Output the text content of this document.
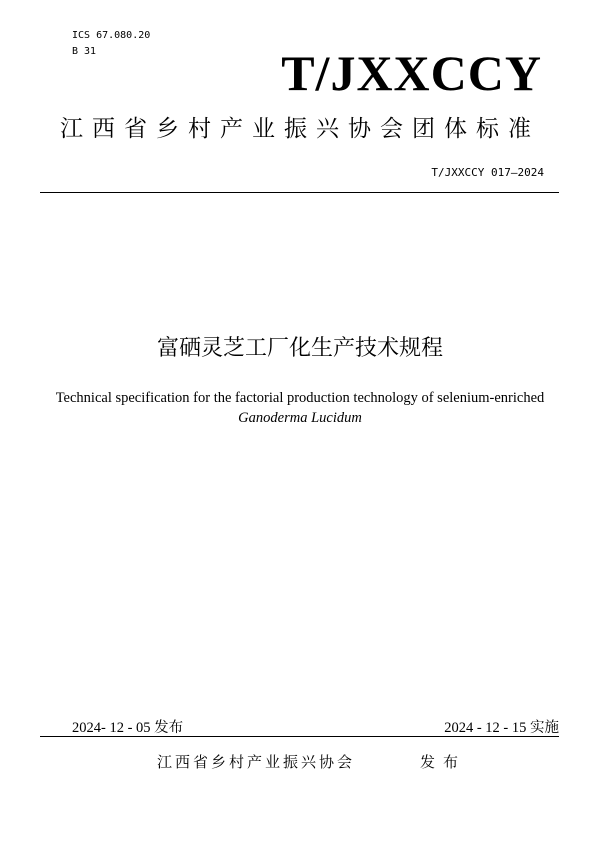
ICS 67.080.20
B 31	T/JXXCCY
江西省乡村产业振兴协会团体标准
T/JXXCCY 017—2024
富硒灵芝工厂化生产技术规程
Technical specification for the factorial production technology of selenium-enriched
Ganoderma Lucidum
2024- 12 - 05 发布	2024 - 12 - 15 实施
江西省乡村产业振兴协会	发布
